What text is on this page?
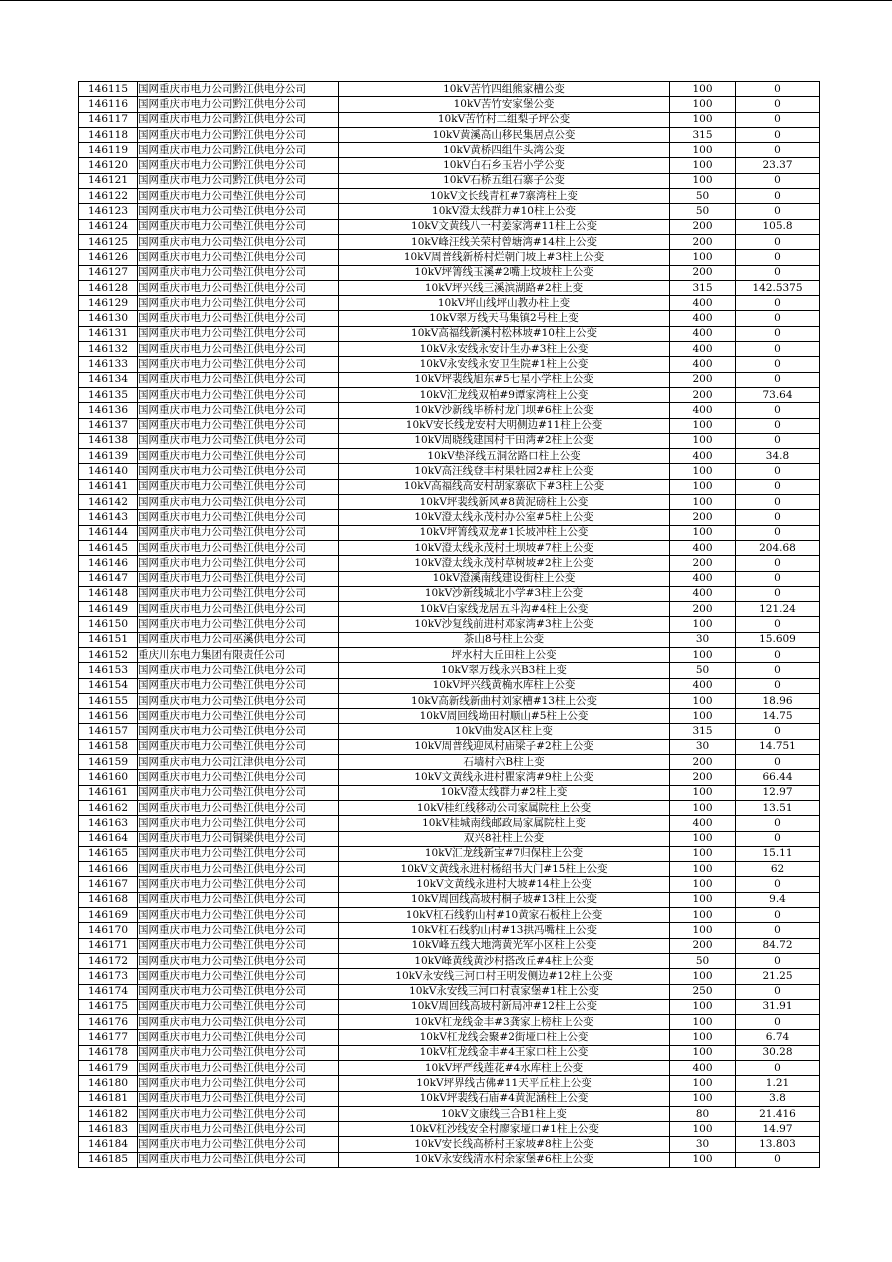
146115	国网重庆市电力公司黔江供电分公司	10kV苦竹四组熊家槽公变	100	0
146116	国网重庆市电力公司黔江供电分公司	10kV苦竹安家堡公变	100	0
146117	国网重庆市电力公司黔江供电分公司	10kV苦竹村二组梨子坪公变	100	0
146118	国网重庆市电力公司黔江供电分公司	10kV黄溪高山移民集居点公变	315	0
146119	国网重庆市电力公司黔江供电分公司	10kV黄桥四组牛头湾公变	100	0
146120	国网重庆市电力公司黔江供电分公司	10kV白石乡玉岩小学公变	100	23.37
146121	国网重庆市电力公司黔江供电分公司	10kV石桥五组石寨子公变	100	0
146122	国网重庆市电力公司垫江供电分公司	10kV文长线青杠#7寨湾柱上变	50	0
146123	国网重庆市电力公司垫江供电分公司	10kV澄太线群力#10柱上公变	50	0
146124	国网重庆市电力公司垫江供电分公司	10kV文黄线八一村姜家湾#11柱上公变	200	105.8
146125	国网重庆市电力公司垫江供电分公司	10kV峰汪线关荣村曾塘湾#14柱上公变	200	0
146126	国网重庆市电力公司垫江供电分公司	10kV周普线新桥村烂朝门坡上#3柱上公变	100	0
146127	国网重庆市电力公司垫江供电分公司	10kV坪箐线玉溪#2嘴上坟坡柱上公变	200	0
146128	国网重庆市电力公司垫江供电分公司	10kV坪兴线三溪滨湖路#2柱上变	315	142.5375
146129	国网重庆市电力公司垫江供电分公司	10kV坪山线坪山教办柱上变	400	0
146130	国网重庆市电力公司垫江供电分公司	10kV翠万线天马集镇2号柱上变	400	0
146131	国网重庆市电力公司垫江供电分公司	10kV高福线新溪村松林坡#10柱上公变	400	0
146132	国网重庆市电力公司垫江供电分公司	10kV永安线永安计生办#3柱上公变	400	0
146133	国网重庆市电力公司垫江供电分公司	10kV永安线永安卫生院#1柱上公变	400	0
146134	国网重庆市电力公司垫江供电分公司	10kV坪裴线旭东#5七星小学柱上公变	200	0
146135	国网重庆市电力公司垫江供电分公司	10kV汇龙线双柏#9谭家湾柱上公变	200	73.64
146136	国网重庆市电力公司垫江供电分公司	10kV沙新线毕桥村龙门坝#6柱上公变	400	0
146137	国网重庆市电力公司垫江供电分公司	10kV安长线龙安村大明侧边#11柱上公变	100	0
146138	国网重庆市电力公司垫江供电分公司	10kV周晓线建国村干田湾#2柱上公变	100	0
146139	国网重庆市电力公司垫江供电分公司	10kV垫泽线五洞岔路口柱上公变	400	34.8
146140	国网重庆市电力公司垫江供电分公司	10kV高汪线登丰村果牡园2#柱上公变	100	0
146141	国网重庆市电力公司垫江供电分公司	10kV高福线高安村胡家寨砍下#3柱上公变	100	0
146142	国网重庆市电力公司垫江供电分公司	10kV坪裴线新风#8黄泥磅柱上公变	100	0
146143	国网重庆市电力公司垫江供电分公司	10kV澄太线永茂村办公室#5柱上公变	200	0
146144	国网重庆市电力公司垫江供电分公司	10kV坪箐线双龙#1长坡冲柱上公变	100	0
146145	国网重庆市电力公司垫江供电分公司	10kV澄太线永茂村土坝坡#7柱上公变	400	204.68
146146	国网重庆市电力公司垫江供电分公司	10kV澄太线永茂村草树坡#2柱上公变	200	0
146147	国网重庆市电力公司垫江供电分公司	10kV澄溪南线建设街柱上公变	400	0
146148	国网重庆市电力公司垫江供电分公司	10kV沙新线城北小学#3柱上公变	400	0
146149	国网重庆市电力公司垫江供电分公司	10kV白家线龙居五斗沟#4柱上公变	200	121.24
146150	国网重庆市电力公司垫江供电分公司	10kV沙复线前进村邓家湾#3柱上公变	100	0
146151	国网重庆市电力公司巫溪供电分公司	茶山8号柱上公变	30	15.609
146152	重庆川东电力集团有限责任公司	坪水村大丘田柱上公变	100	0
146153	国网重庆市电力公司垫江供电分公司	10kV翠万线永兴B3柱上变	50	0
146154	国网重庆市电力公司垫江供电分公司	10kV坪兴线黄桷水库柱上公变	400	0
146155	国网重庆市电力公司垫江供电分公司	10kV高新线新曲村刘家槽#13柱上公变	100	18.96
146156	国网重庆市电力公司垫江供电分公司	10kV周回线坳田村顺山#5柱上公变	100	14.75
146157	国网重庆市电力公司垫江供电分公司	10kV曲发A区柱上变	315	0
146158	国网重庆市电力公司垫江供电分公司	10kV周普线迎凤村庙梁子#2柱上公变	30	14.751
146159	国网重庆市电力公司江津供电分公司	石墙村六B柱上变	200	0
146160	国网重庆市电力公司垫江供电分公司	10kV文黄线永进村瞿家湾#9柱上公变	200	66.44
146161	国网重庆市电力公司垫江供电分公司	10kV澄太线群力#2柱上变	100	12.97
146162	国网重庆市电力公司垫江供电分公司	10kV桂红线移动公司家属院柱上公变	100	13.51
146163	国网重庆市电力公司垫江供电分公司	10kV桂城南线邮政局家属院柱上变	400	0
146164	国网重庆市电力公司铜梁供电分公司	双兴8社柱上公变	100	0
146165	国网重庆市电力公司垫江供电分公司	10kV汇龙线新宝#7归保柱上公变	100	15.11
146166	国网重庆市电力公司垫江供电分公司	10kV文黄线永进村杨绍书大门#15柱上公变	100	62
146167	国网重庆市电力公司垫江供电分公司	10kV文黄线永进村大坡#14柱上公变	100	0
146168	国网重庆市电力公司垫江供电分公司	10kV周回线高坡村桐子坡#13柱上公变	100	9.4
146169	国网重庆市电力公司垫江供电分公司	10kV杠石线豹山村#10黄家石板柱上公变	100	0
146170	国网重庆市电力公司垫江供电分公司	10kV杠石线豹山村#13拱冯嘴柱上公变	100	0
146171	国网重庆市电力公司垫江供电分公司	10kV峰五线大地湾黄光军小区柱上公变	200	84.72
146172	国网重庆市电力公司垫江供电分公司	10kV峰黄线黄沙村搭改丘#4柱上公变	50	0
146173	国网重庆市电力公司垫江供电分公司	10kV永安线三河口村王明发侧边#12柱上公变	100	21.25
146174	国网重庆市电力公司垫江供电分公司	10kV永安线三河口村袁家堡#1柱上公变	250	0
146175	国网重庆市电力公司垫江供电分公司	10kV周回线高坡村新局冲#12柱上公变	100	31.91
146176	国网重庆市电力公司垫江供电分公司	10kV杠龙线金丰#3龚家上榜柱上公变	100	0
146177	国网重庆市电力公司垫江供电分公司	10kV杠龙线会聚#2街垭口柱上公变	100	6.74
146178	国网重庆市电力公司垫江供电分公司	10kV杠龙线金丰#4王家口柱上公变	100	30.28
146179	国网重庆市电力公司垫江供电分公司	10kV坪严线莲花#4水库柱上公变	400	0
146180	国网重庆市电力公司垫江供电分公司	10kV坪界线古佛#11天平丘柱上公变	100	1.21
146181	国网重庆市电力公司垫江供电分公司	10kV坪裴线石庙#4黄泥涵柱上公变	100	3.8
146182	国网重庆市电力公司垫江供电分公司	10kV文康线三合B1柱上变	80	21.416
146183	国网重庆市电力公司垫江供电分公司	10kV杠沙线安全村廖家垭口#1柱上公变	100	14.97
146184	国网重庆市电力公司垫江供电分公司	10kV安长线高桥村王家坡#8柱上公变	30	13.803
146185	国网重庆市电力公司垫江供电分公司	10kV永安线清水村余家堡#6柱上公变	100	0
